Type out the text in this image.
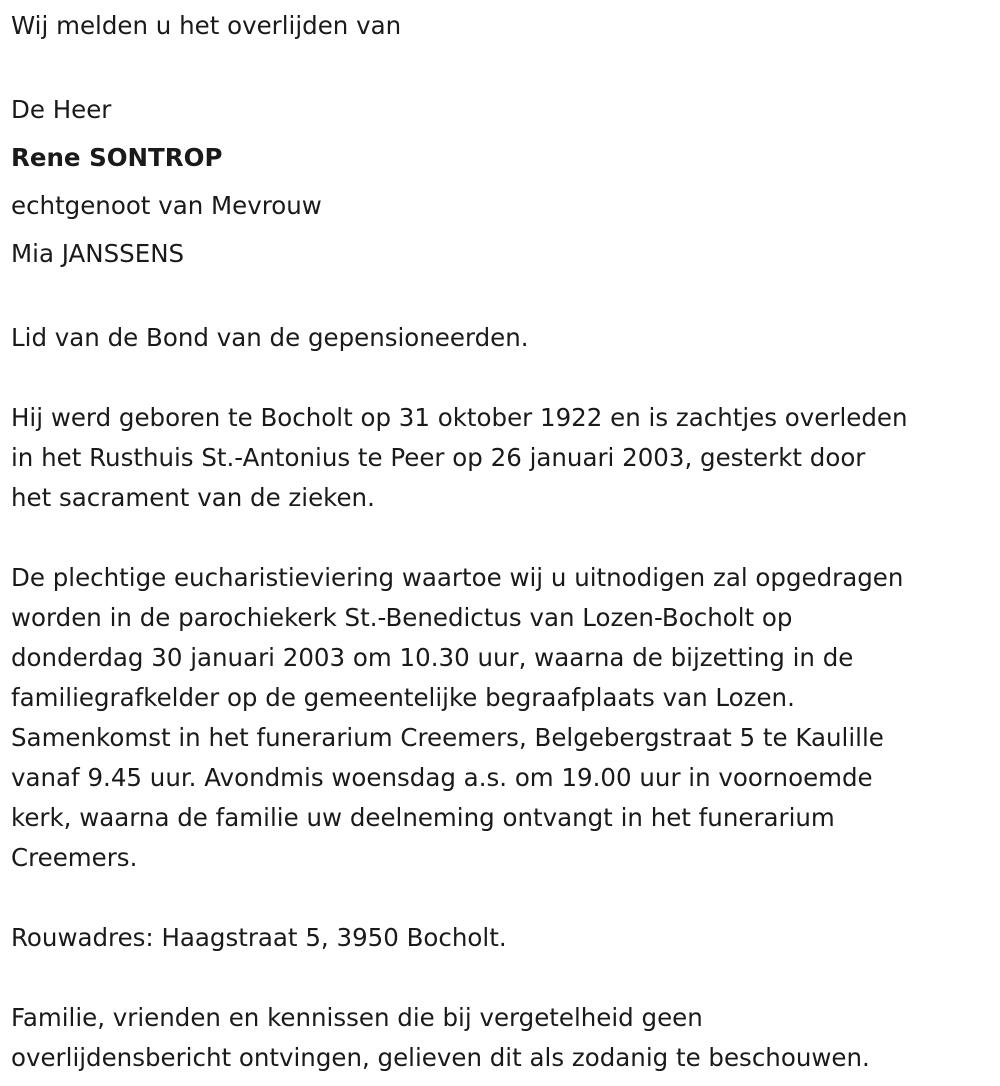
Wij melden u het overlijden van

De Heer
Rene SONTROP
echtgenoot van Mevrouw
Mia JANSSENS

Lid van de Bond van de gepensioneerden.

Hij werd geboren te Bocholt op 31 oktober 1922 en is zachtjes overleden
in het Rusthuis St.-Antonius te Peer op 26 januari 2003, gesterkt door
het sacrament van de zieken.

De plechtige eucharistieviering waartoe wij u uitnodigen zal opgedragen
worden in de parochiekerk St.-Benedictus van Lozen-Bocholt op
donderdag 30 januari 2003 om 10.30 uur, waarna de bijzetting in de
familiegrafkelder op de gemeentelijke begraafplaats van Lozen.
Samenkomst in het funerarium Creemers, Belgebergstraat 5 te Kaulille
vanaf 9.45 uur. Avondmis woensdag a.s. om 19.00 uur in voornoemde
kerk, waarna de familie uw deelneming ontvangt in het funerarium
Creemers.

Rouwadres: Haagstraat 5, 3950 Bocholt.

Familie, vrienden en kennissen die bij vergetelheid geen
overlijdensbericht ontvingen, gelieven dit als zodanig te beschouwen.
